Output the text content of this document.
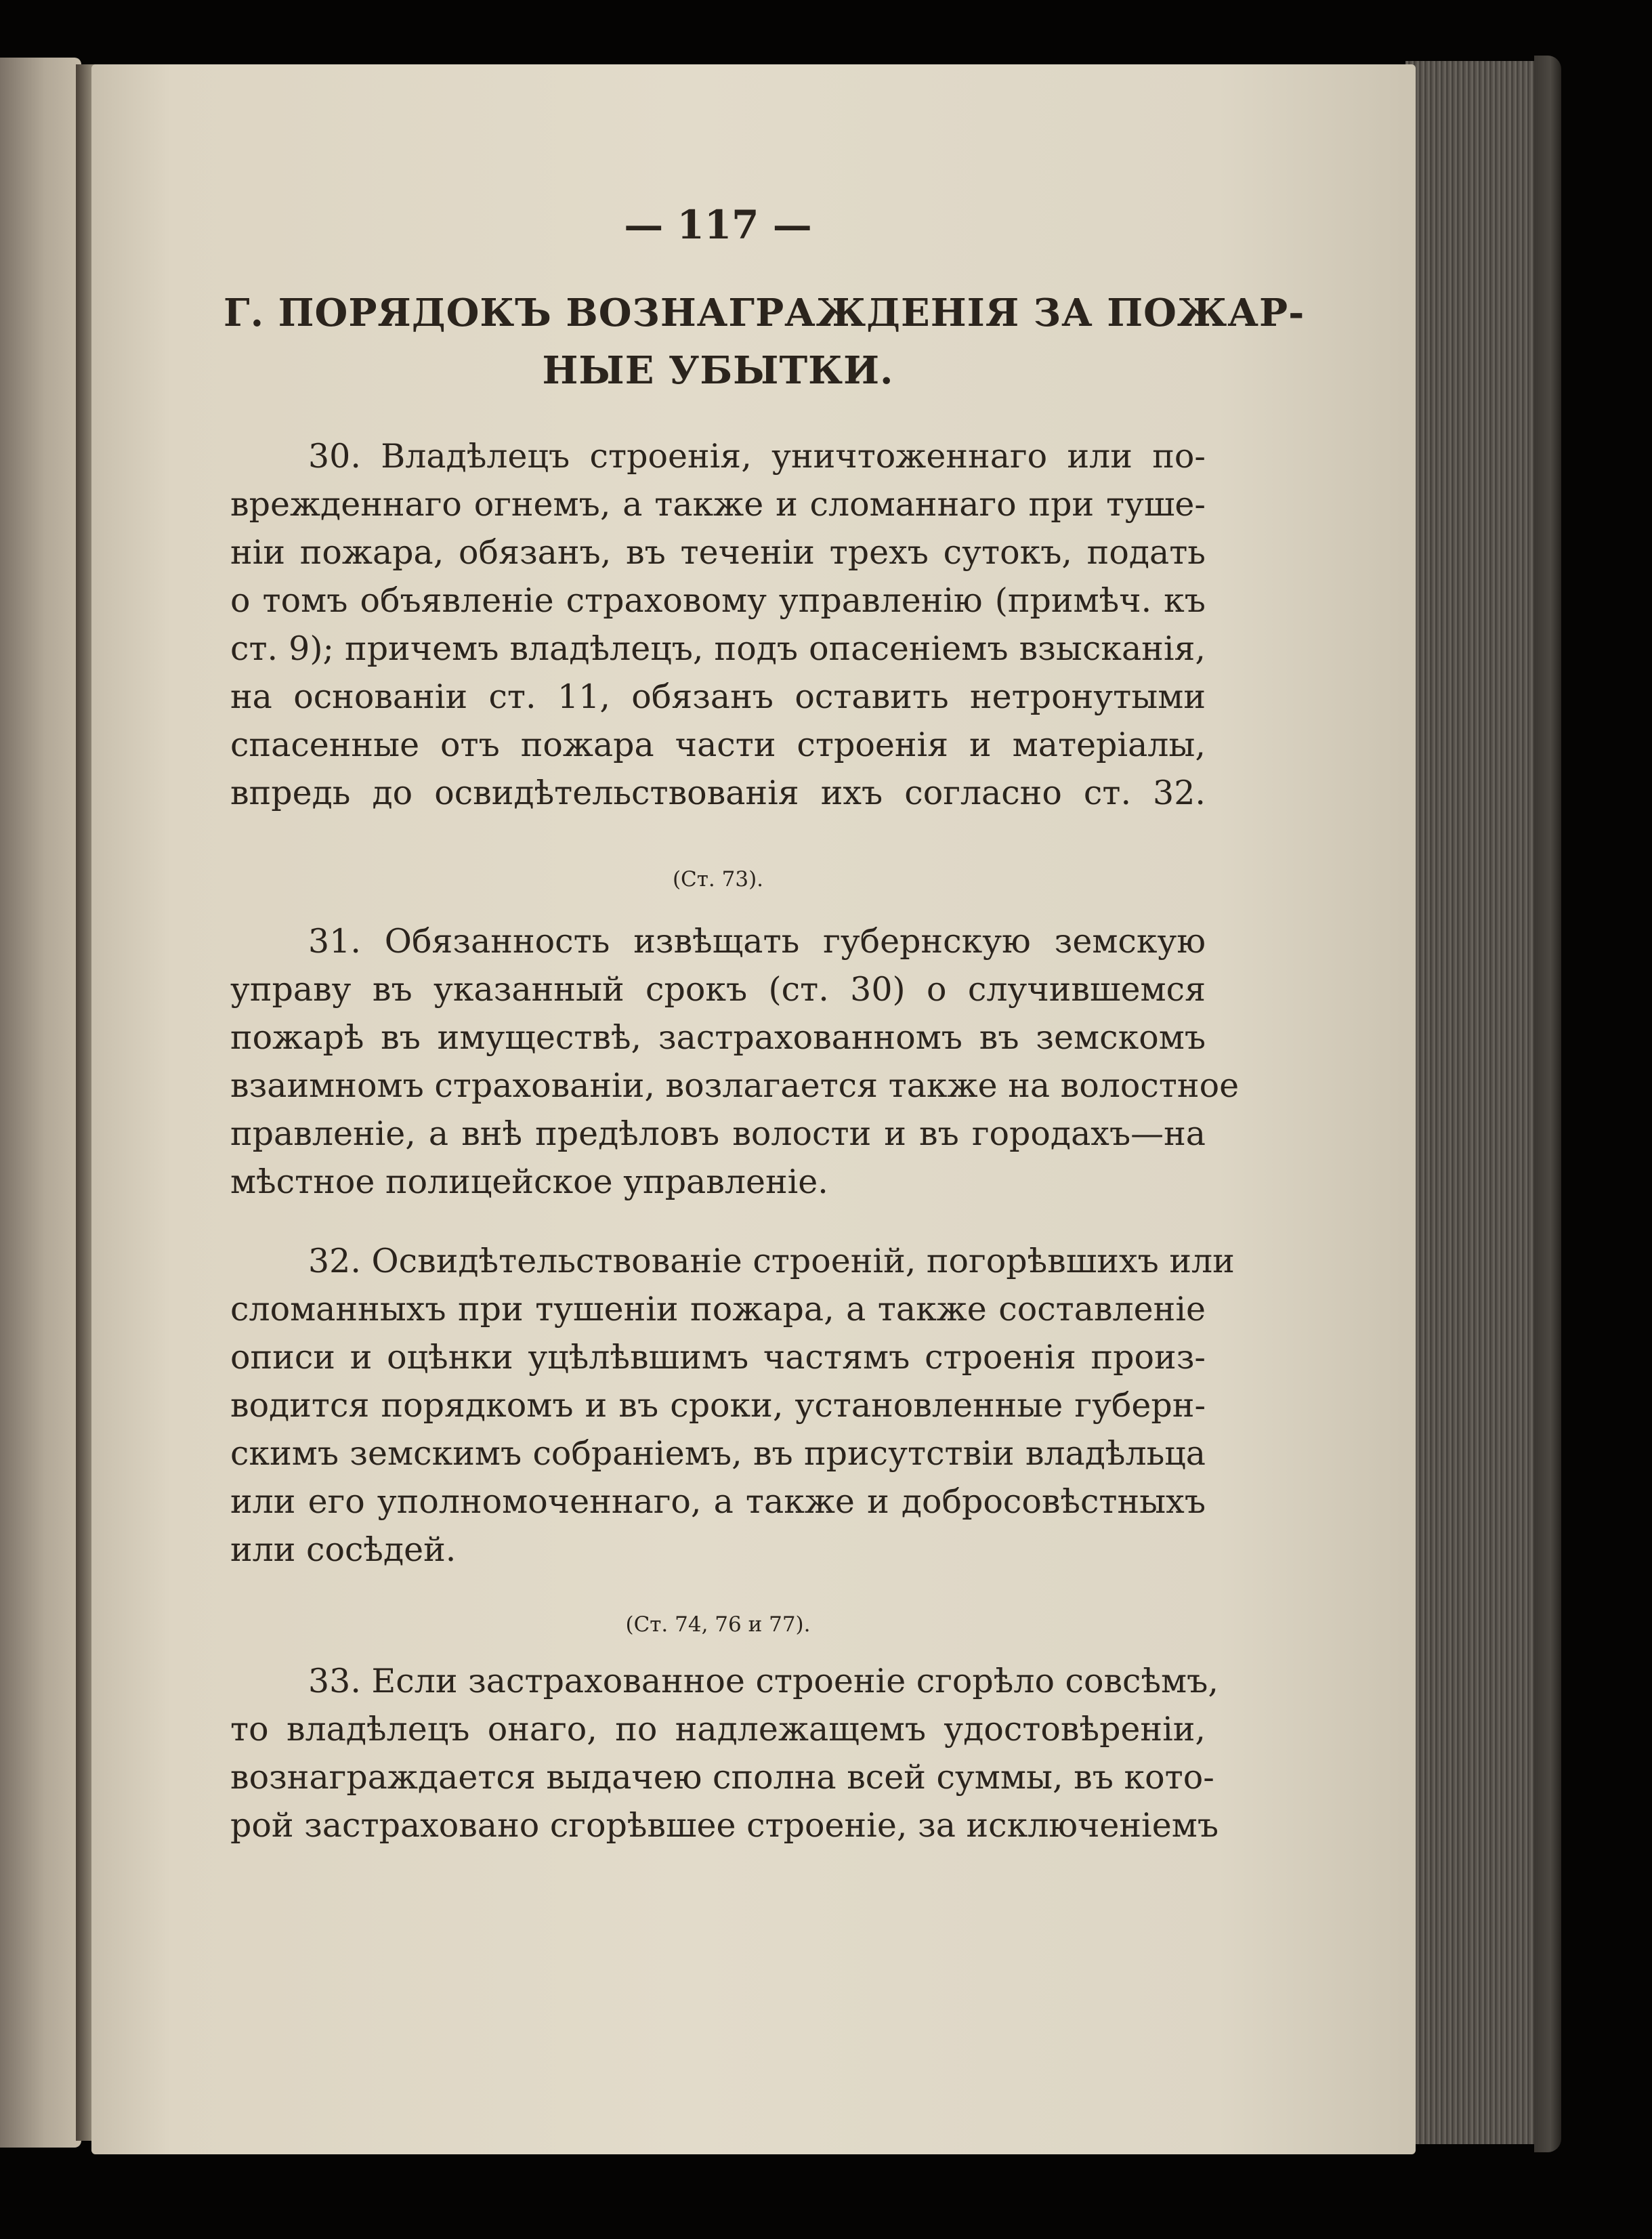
— 117 —
Г. ПОРЯДОКЪ ВОЗНАГРАЖДЕНІЯ ЗА ПОЖАР-
НЫЕ УБЫТКИ.
30. Владѣлецъ строенія, уничтоженнаго или по-
врежденнаго огнемъ, а также и сломаннаго при туше-
ніи пожара, обязанъ, въ теченіи трехъ сутокъ, подать
о томъ объявленіе страховому управленію (примѣч. къ
ст. 9); причемъ владѣлецъ, подъ опасеніемъ взысканія,
на основаніи ст. 11, обязанъ оставить нетронутыми
спасенные отъ пожара части строенія и матеріалы,
впредь до освидѣтельствованія ихъ согласно ст. 32.
(Ст. 73).
31. Обязанность извѣщать губернскую земскую
управу въ указанный срокъ (ст. 30) о случившемся
пожарѣ въ имуществѣ, застрахованномъ въ земскомъ
взаимномъ страхованіи, возлагается также на волостное
правленіе, а внѣ предѣловъ волости и въ городахъ—на
мѣстное полицейское управленіе.
32. Освидѣтельствованіе строеній, погорѣвшихъ или
сломанныхъ при тушеніи пожара, а также составленіе
описи и оцѣнки уцѣлѣвшимъ частямъ строенія произ-
водится порядкомъ и въ сроки, установленные губерн-
скимъ земскимъ собраніемъ, въ присутствіи владѣльца
или его уполномоченнаго, а также и добросовѣстныхъ
или сосѣдей.
(Ст. 74, 76 и 77).
33. Если застрахованное строеніе сгорѣло совсѣмъ,
то владѣлецъ онаго, по надлежащемъ удостовѣреніи,
вознаграждается выдачею сполна всей суммы, въ кото-
рой застраховано сгорѣвшее строеніе, за исключеніемъ
